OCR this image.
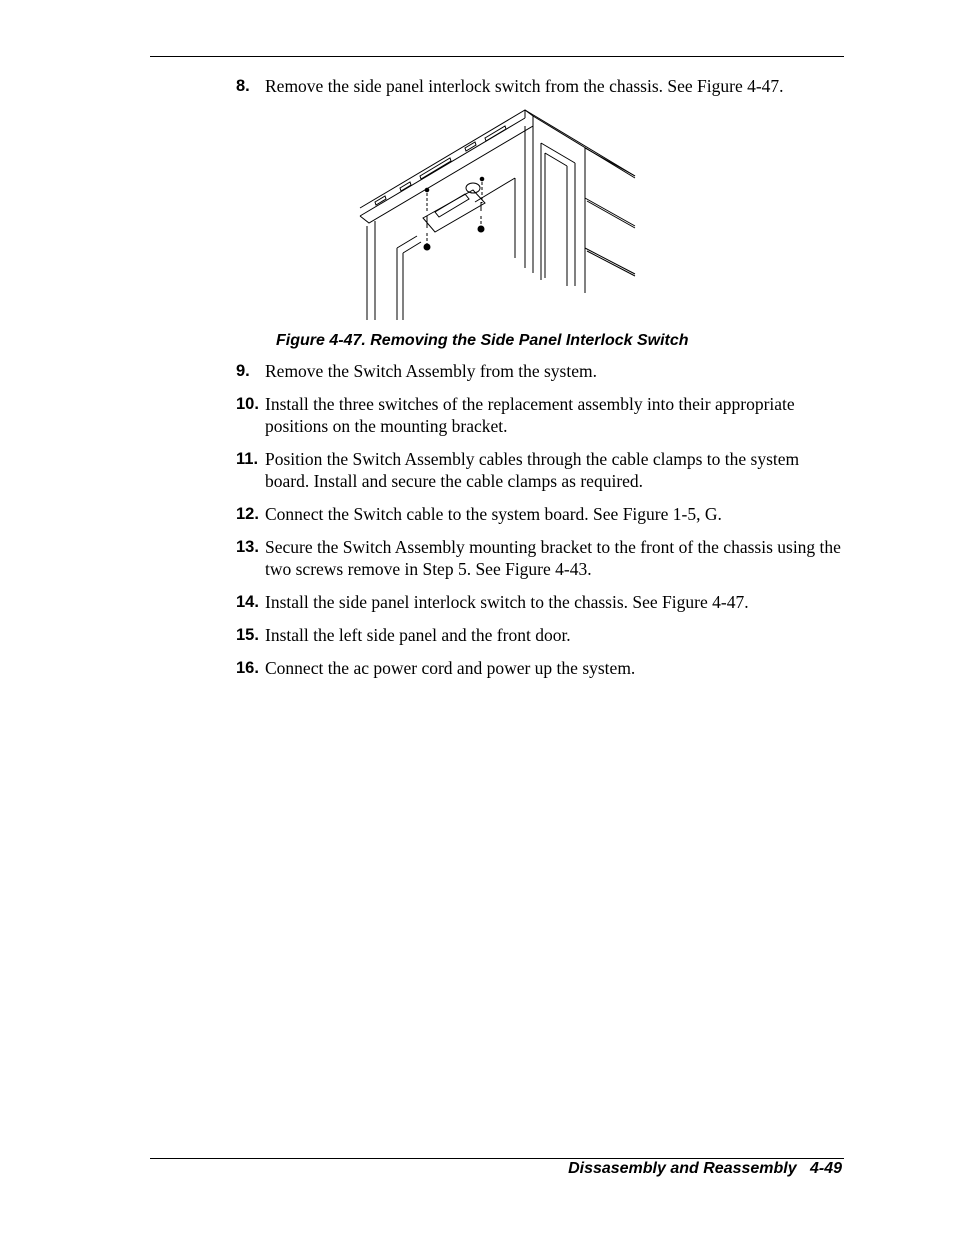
8. Remove the side panel interlock switch from the chassis. See Figure 4-47.
Figure 4-47. Removing the Side Panel Interlock Switch
9. Remove the Switch Assembly from the system.
10. Install the three switches of the replacement assembly into their appropriate positions on the mounting bracket.
11. Position the Switch Assembly cables through the cable clamps to the system board. Install and secure the cable clamps as required.
12. Connect the Switch cable to the system board. See Figure 1-5, G.
13. Secure the Switch Assembly mounting bracket to the front of the chassis using the two screws remove in Step 5. See Figure 4-43.
14. Install the side panel interlock switch to the chassis. See Figure 4-47.
15. Install the left side panel and the front door.
16. Connect the ac power cord and power up the system.
Dissasembly and Reassembly 4-49
